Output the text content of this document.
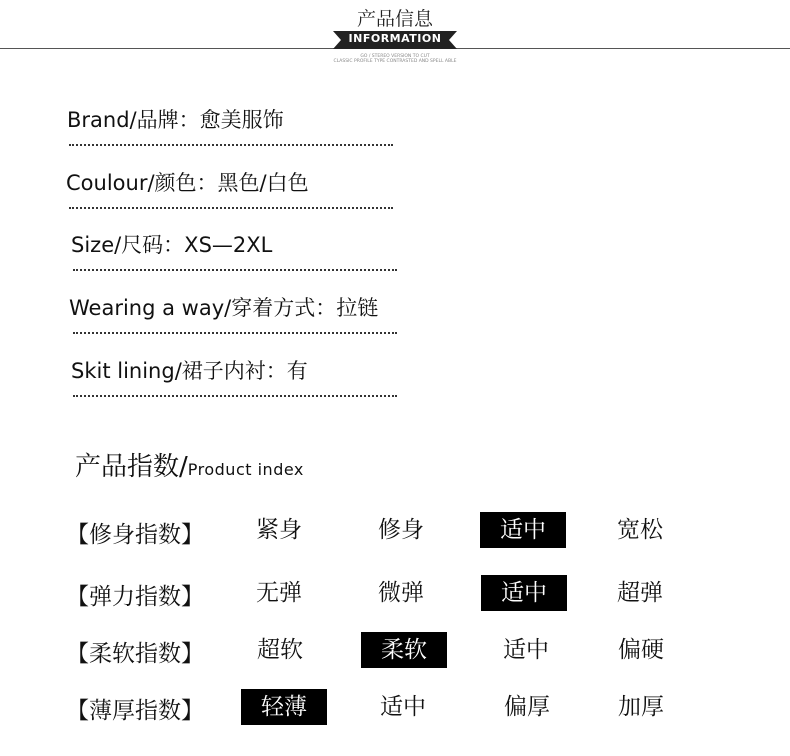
产品信息
INFORMATION
GO / STEREO VERSION TO CUT
CLASSIC PROFILE TYPE CONTRASTED AND SPELL ABLE
Brand/品牌：愈美服饰
Coulour/颜色：黑色/白色
Size/尺码：XS—2XL
Wearing a way/穿着方式：拉链
Skit lining/裙子内衬：有
产品指数/Product index
【修身指数】	紧身	修身	适中	宽松
【弹力指数】	无弹	微弹	适中	超弹
【柔软指数】	超软	柔软	适中	偏硬
【薄厚指数】	轻薄	适中	偏厚	加厚
